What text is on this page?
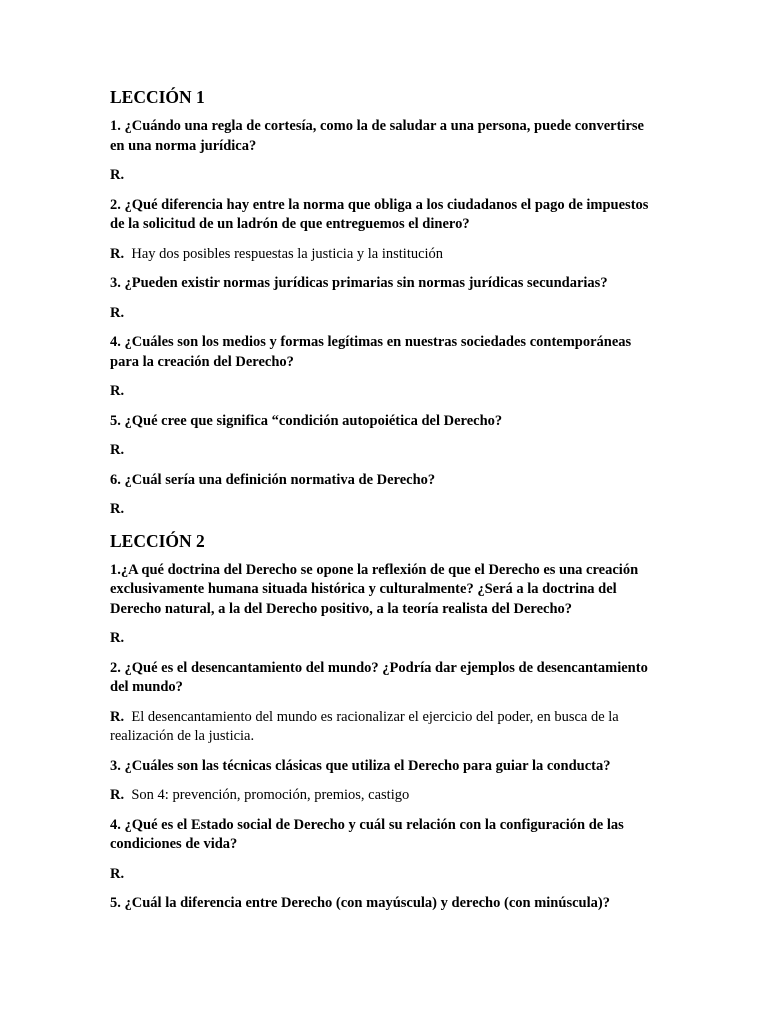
LECCIÓN 1

1. ¿Cuándo una regla de cortesía, como la de saludar a una persona, puede convertirse en una norma jurídica?

R.

2. ¿Qué diferencia hay entre la norma que obliga a los ciudadanos el pago de impuestos de la solicitud de un ladrón de que entreguemos el dinero?

R. Hay dos posibles respuestas la justicia y la institución

3. ¿Pueden existir normas jurídicas primarias sin normas jurídicas secundarias?

R.

4. ¿Cuáles son los medios y formas legítimas en nuestras sociedades contemporáneas para la creación del Derecho?

R.

5. ¿Qué cree que significa “condición autopoiética del Derecho?

R.

6. ¿Cuál sería una definición normativa de Derecho?

R.

LECCIÓN 2

1.¿A qué doctrina del Derecho se opone la reflexión de que el Derecho es una creación exclusivamente humana situada histórica y culturalmente? ¿Será a la doctrina del Derecho natural, a la del Derecho positivo, a la teoría realista del Derecho?

R.

2. ¿Qué es el desencantamiento del mundo? ¿Podría dar ejemplos de desencantamiento del mundo?

R. El desencantamiento del mundo es racionalizar el ejercicio del poder, en busca de la realización de la justicia.

3. ¿Cuáles son las técnicas clásicas que utiliza el Derecho para guiar la conducta?

R. Son 4: prevención, promoción, premios, castigo

4. ¿Qué es el Estado social de Derecho y cuál su relación con la configuración de las condiciones de vida?

R.

5. ¿Cuál la diferencia entre Derecho (con mayúscula) y derecho (con minúscula)?
